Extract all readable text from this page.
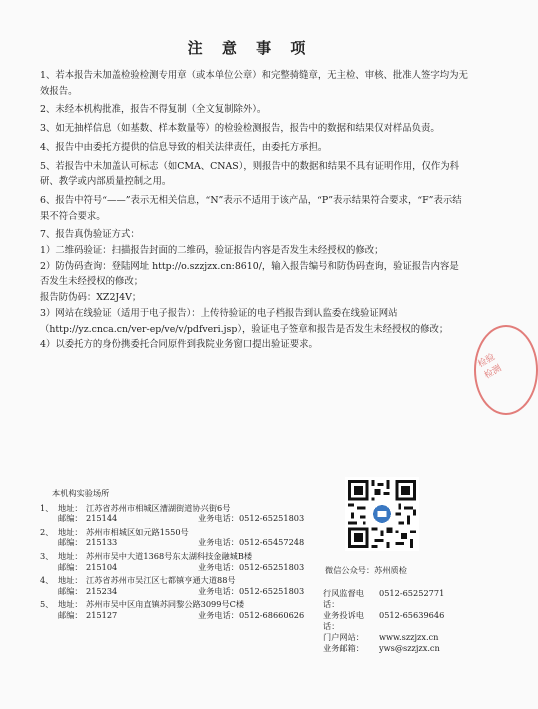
注 意 事 项

1、若本报告未加盖检验检测专用章（或本单位公章）和完整骑缝章，无主检、审核、批准人签字均为无效报告。

2、未经本机构批准，报告不得复制（全文复制除外）。

3、如无抽样信息（如基数、样本数量等）的检验检测报告，报告中的数据和结果仅对样品负责。

4、报告中由委托方提供的信息导致的相关法律责任，由委托方承担。

5、若报告中未加盖认可标志（如CMA、CNAS），则报告中的数据和结果不具有证明作用，仅作为科研、教学或内部质量控制之用。

6、报告中符号“——”表示无相关信息，“N”表示不适用于该产品，“P”表示结果符合要求，“F”表示结果不符合要求。

7、报告真伪验证方式：

1）二维码验证：扫描报告封面的二维码，验证报告内容是否发生未经授权的修改；

2）防伪码查询：登陆网址 http://o.szzjzx.cn:8610/，输入报告编号和防伪码查询，验证报告内容是否发生未经授权的修改；

报告防伪码：XZ2J4V；

3）网站在线验证（适用于电子报告）：上传待验证的电子档报告到认监委在线验证网站（http://yz.cnca.cn/ver-ep/ve/v/pdfveri.jsp），验证电子签章和报告是否发生未经授权的修改；

4）以委托方的身份携委托合同原件到我院业务窗口提出验证要求。

本机构实验场所
1、 地址： 江苏省苏州市相城区漕湖街道协兴街6号
邮编： 215144	业务电话： 0512-65251803
2、 地址： 苏州市相城区如元路1550号
邮编： 215133	业务电话： 0512-65457248
3、 地址： 苏州市吴中大道1368号东太湖科技金融城B楼
邮编： 215104	业务电话： 0512-65251803
4、 地址： 江苏省苏州市吴江区七都镇亨通大道88号
邮编： 215234	业务电话： 0512-65251803
5、 地址： 苏州市吴中区甪直镇苏同黎公路3099号C楼
邮编： 215127	业务电话： 0512-68660626
微信公众号：苏州质检
行风监督电话：
0512-65252771
业务投诉电话：
0512-65639646
门户网站：	www.szzjzx.cn
业务邮箱：	yws@szzjzx.cn
检验检测
